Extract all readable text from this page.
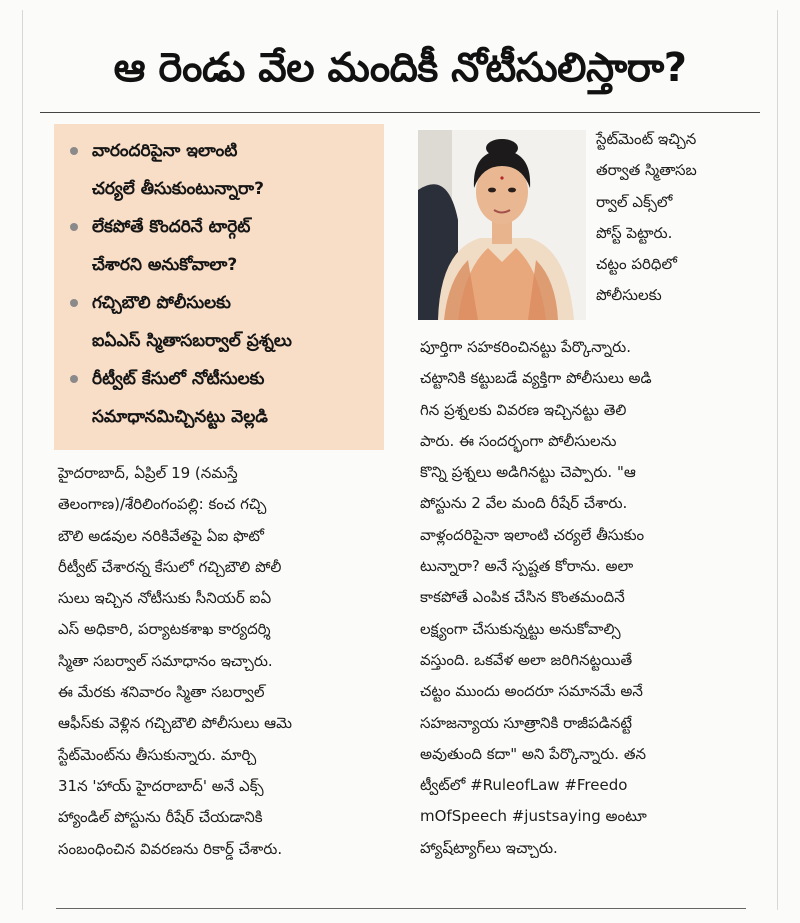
ఆ రెండు వేల మందికీ నోటీసులిస్తారా?
వారందరిపైనా ఇలాంటి
చర్యలే తీసుకుంటున్నారా?
లేకపోతే కొందరినే టార్గెట్
చేశారని అనుకోవాలా?
గచ్చిబౌలి పోలీసులకు
ఐఏఎస్ స్మితాసబర్వాల్ ప్రశ్నలు
రీట్వీట్ కేసులో నోటీసులకు
సమాధానమిచ్చినట్టు వెల్లడి

స్టేట్‌మెంట్ ఇచ్చిన
తర్వాత స్మితాసబ
ర్వాల్ ఎక్స్‌లో
పోస్ట్ పెట్టారు.
చట్టం పరిధిలో
పోలీసులకు

హైదరాబాద్, ఏప్రిల్ 19 (నమస్తే
తెలంగాణ)/శేరిలింగంపల్లి: కంచ గచ్చి
బౌలి అడవుల నరికివేతపై ఏఐ ఫొటో
రీట్వీట్ చేశారన్న కేసులో గచ్చిబౌలి పోలీ
సులు ఇచ్చిన నోటీసుకు సీనియర్ ఐఏ
ఎస్ అధికారి, పర్యాటకశాఖ కార్యదర్శి
స్మితా సబర్వాల్ సమాధానం ఇచ్చారు.
ఈ మేరకు శనివారం స్మితా సబర్వాల్
ఆఫీస్‌కు వెళ్లిన గచ్చిబౌలి పోలీసులు ఆమె
స్టేట్‌మెంట్‌ను తీసుకున్నారు. మార్చి
31న 'హాయ్ హైదరాబాద్' అనే ఎక్స్
హ్యాండిల్ పోస్టును రీషేర్ చేయడానికి
సంబంధించిన వివరణను రికార్డ్ చేశారు.

పూర్తిగా సహకరించినట్టు పేర్కొన్నారు.
చట్టానికి కట్టుబడే వ్యక్తిగా పోలీసులు అడి
గిన ప్రశ్నలకు వివరణ ఇచ్చినట్టు తెలి
పారు. ఈ సందర్భంగా పోలీసులను
కొన్ని ప్రశ్నలు అడిగినట్టు చెప్పారు. "ఆ
పోస్టును 2 వేల మంది రీషేర్ చేశారు.
వాళ్లందరిపైనా ఇలాంటి చర్యలే తీసుకుం
టున్నారా? అనే స్పష్టత కోరాను. అలా
కాకపోతే ఎంపిక చేసిన కొంతమందినే
లక్ష్యంగా చేసుకున్నట్టు అనుకోవాల్సి
వస్తుంది. ఒకవేళ అలా జరిగినట్టయితే
చట్టం ముందు అందరూ సమానమే అనే
సహజన్యాయ సూత్రానికి రాజీపడినట్టే
అవుతుంది కదా" అని పేర్కొన్నారు. తన
ట్వీట్‌లో #RuleofLaw #Freedo
mOfSpeech #justsaying అంటూ
హ్యాష్‌ట్యాగ్‌లు ఇచ్చారు.
